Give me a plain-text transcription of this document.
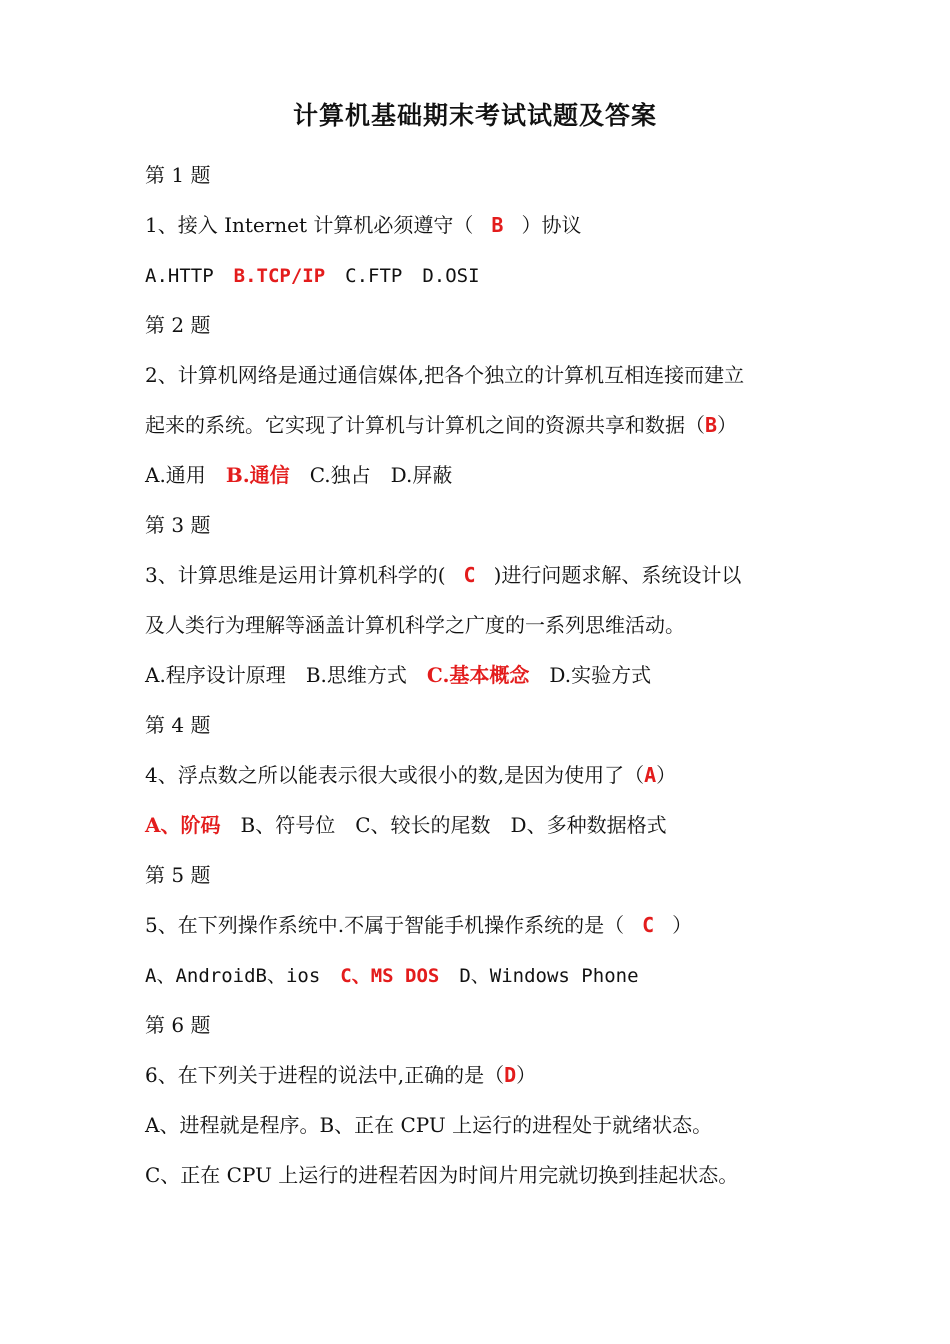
计算机基础期末考试试题及答案
第 1 题
1、接入 Internet 计算机必须遵守（ B ）协议
A.HTTP B.TCP/IP C.FTP D.OSI
第 2 题
2、计算机网络是通过通信媒体,把各个独立的计算机互相连接而建立
起来的系统。它实现了计算机与计算机之间的资源共享和数据（B）
A.通用 B.通信 C.独占 D.屏蔽
第 3 题
3、计算思维是运用计算机科学的( C )进行问题求解、系统设计以
及人类行为理解等涵盖计算机科学之广度的一系列思维活动。
A.程序设计原理 B.思维方式 C.基本概念 D.实验方式
第 4 题
4、浮点数之所以能表示很大或很小的数,是因为使用了（A）
A、阶码 B、符号位 C、较长的尾数 D、多种数据格式
第 5 题
5、在下列操作系统中.不属于智能手机操作系统的是（ C ）
A、AndroidB、ios C、MS DOS D、Windows Phone
第 6 题
6、在下列关于进程的说法中,正确的是（D）
A、进程就是程序。B、正在 CPU 上运行的进程处于就绪状态。
C、正在 CPU 上运行的进程若因为时间片用完就切换到挂起状态。
